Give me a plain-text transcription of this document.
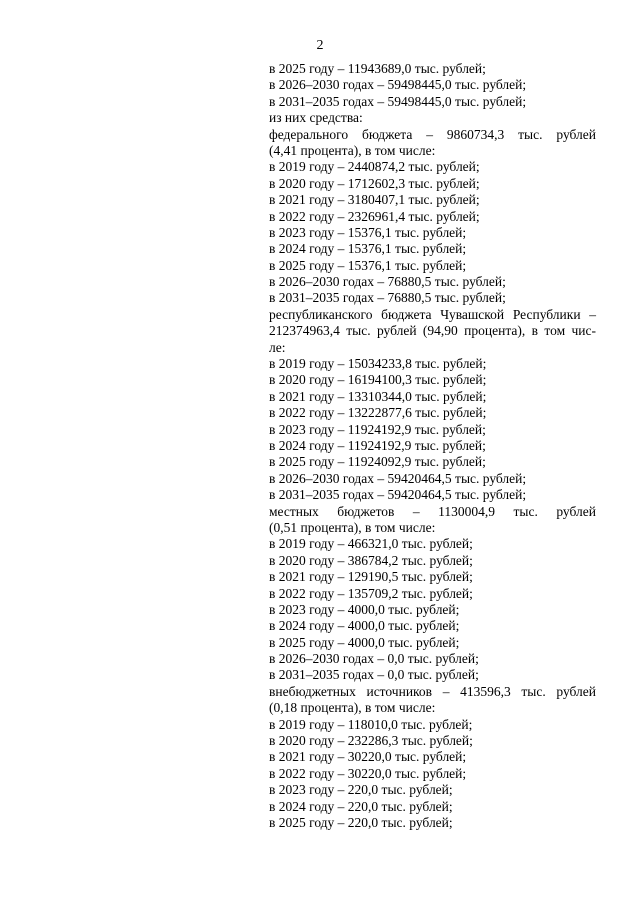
2
в 2025 году – 11943689,0 тыс. рублей;
в 2026–2030 годах – 59498445,0 тыс. рублей;
в 2031–2035 годах – 59498445,0 тыс. рублей;
из них средства:
федерального бюджета – 9860734,3 тыс. рублей
(4,41 процента), в том числе:
в 2019 году – 2440874,2 тыс. рублей;
в 2020 году – 1712602,3 тыс. рублей;
в 2021 году – 3180407,1 тыс. рублей;
в 2022 году – 2326961,4 тыс. рублей;
в 2023 году – 15376,1 тыс. рублей;
в 2024 году – 15376,1 тыс. рублей;
в 2025 году – 15376,1 тыс. рублей;
в 2026–2030 годах – 76880,5 тыс. рублей;
в 2031–2035 годах – 76880,5 тыс. рублей;
республиканского бюджета Чувашской Республики –
212374963,4 тыс. рублей (94,90 процента), в том чис-
ле:
в 2019 году – 15034233,8 тыс. рублей;
в 2020 году – 16194100,3 тыс. рублей;
в 2021 году – 13310344,0 тыс. рублей;
в 2022 году – 13222877,6 тыс. рублей;
в 2023 году – 11924192,9 тыс. рублей;
в 2024 году – 11924192,9 тыс. рублей;
в 2025 году – 11924092,9 тыс. рублей;
в 2026–2030 годах – 59420464,5 тыс. рублей;
в 2031–2035 годах – 59420464,5 тыс. рублей;
местных бюджетов – 1130004,9 тыс. рублей
(0,51 процента), в том числе:
в 2019 году – 466321,0 тыс. рублей;
в 2020 году – 386784,2 тыс. рублей;
в 2021 году – 129190,5 тыс. рублей;
в 2022 году – 135709,2 тыс. рублей;
в 2023 году – 4000,0 тыс. рублей;
в 2024 году – 4000,0 тыс. рублей;
в 2025 году – 4000,0 тыс. рублей;
в 2026–2030 годах – 0,0 тыс. рублей;
в 2031–2035 годах – 0,0 тыс. рублей;
внебюджетных источников – 413596,3 тыс. рублей
(0,18 процента), в том числе:
в 2019 году – 118010,0 тыс. рублей;
в 2020 году – 232286,3 тыс. рублей;
в 2021 году – 30220,0 тыс. рублей;
в 2022 году – 30220,0 тыс. рублей;
в 2023 году – 220,0 тыс. рублей;
в 2024 году – 220,0 тыс. рублей;
в 2025 году – 220,0 тыс. рублей;
